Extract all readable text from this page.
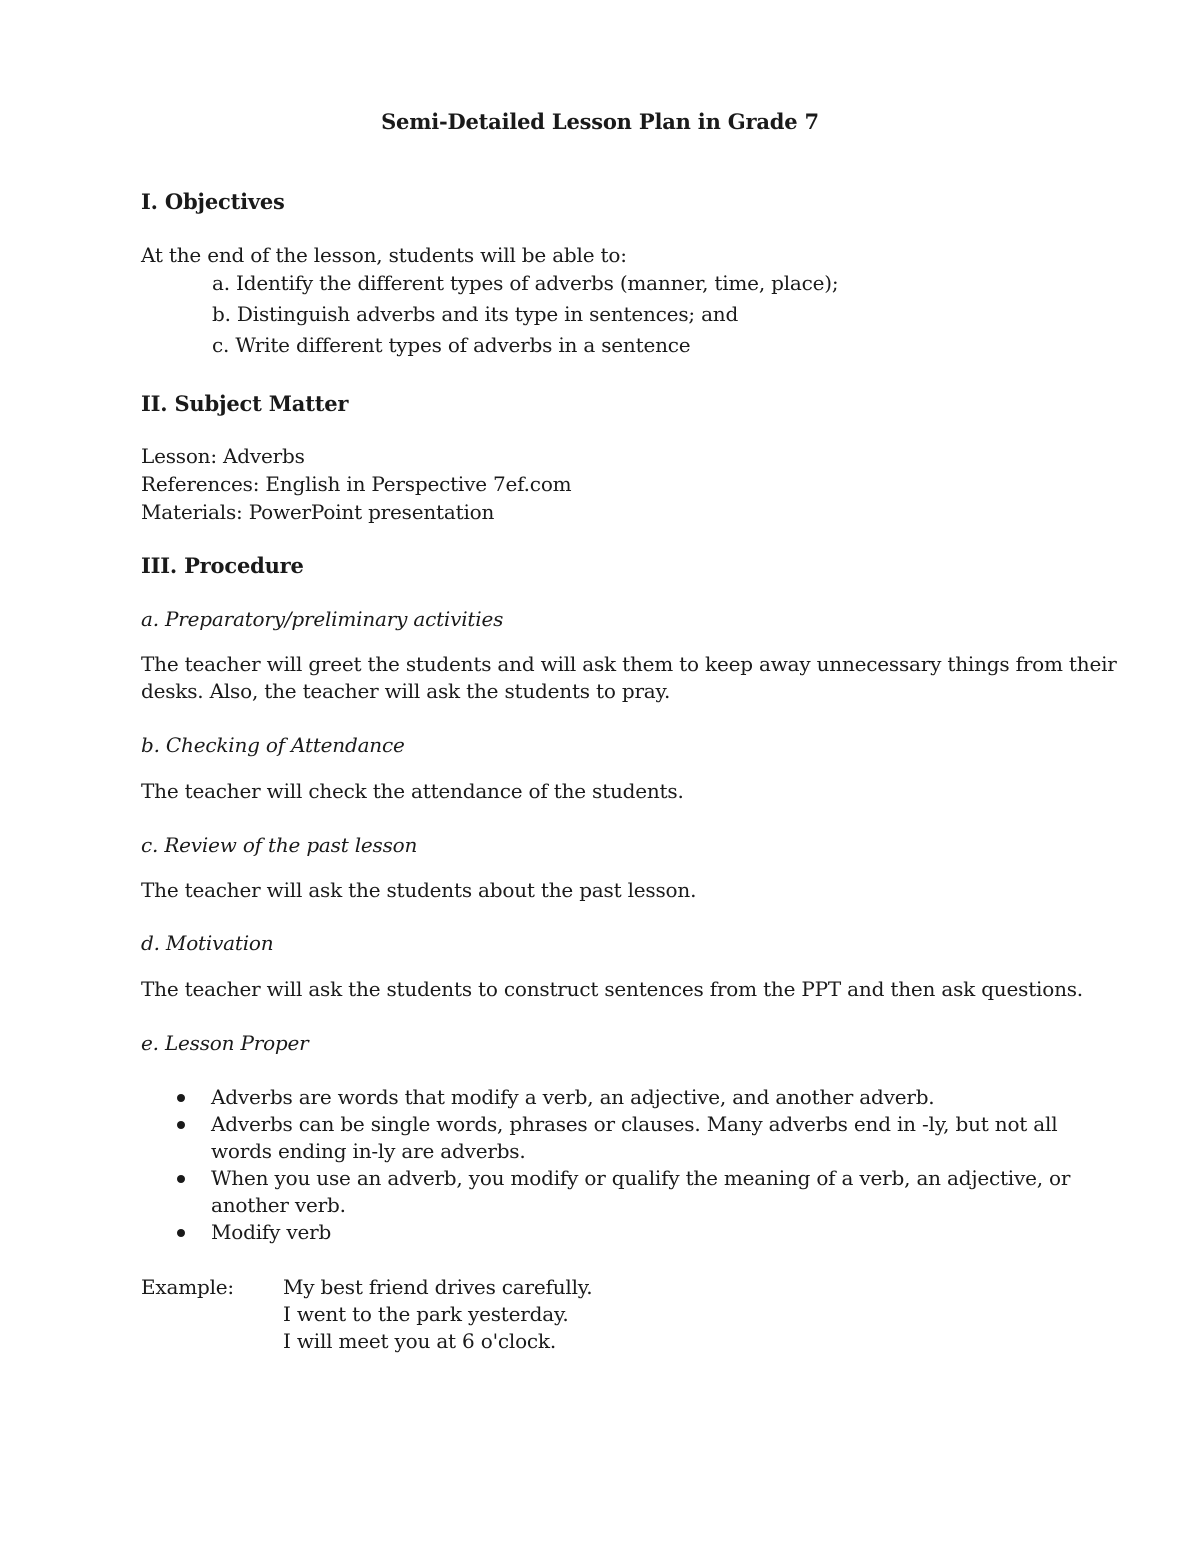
Semi-Detailed Lesson Plan in Grade 7
I. Objectives
At the end of the lesson, students will be able to:
a. Identify the different types of adverbs (manner, time, place);
b. Distinguish adverbs and its type in sentences; and
c. Write different types of adverbs in a sentence
II. Subject Matter
Lesson: Adverbs
References: English in Perspective 7ef.com
Materials: PowerPoint presentation
III. Procedure
a. Preparatory/preliminary activities
The teacher will greet the students and will ask them to keep away unnecessary things from their
desks. Also, the teacher will ask the students to pray.
b. Checking of Attendance
The teacher will check the attendance of the students.
c. Review of the past lesson
The teacher will ask the students about the past lesson.
d. Motivation
The teacher will ask the students to construct sentences from the PPT and then ask questions.
e. Lesson Proper
Adverbs are words that modify a verb, an adjective, and another adverb.
Adverbs can be single words, phrases or clauses. Many adverbs end in -ly, but not all
words ending in-ly are adverbs.
When you use an adverb, you modify or qualify the meaning of a verb, an adjective, or
another verb.
Modify verb
Example: My best friend drives carefully.
I went to the park yesterday.
I will meet you at 6 o'clock.
